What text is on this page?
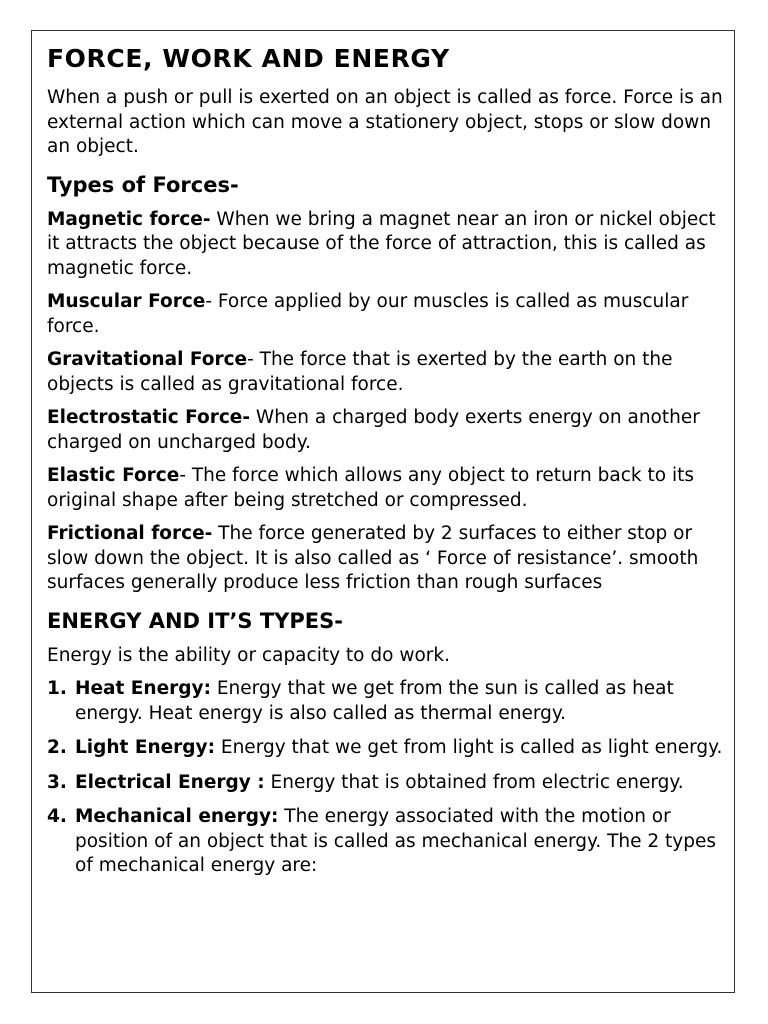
FORCE, WORK AND ENERGY

When a push or pull is exerted on an object is called as force. Force is an external action which can move a stationery object, stops or slow down an object.

Types of Forces-

Magnetic force- When we bring a magnet near an iron or nickel object it attracts the object because of the force of attraction, this is called as magnetic force.

Muscular Force- Force applied by our muscles is called as muscular force.

Gravitational Force- The force that is exerted by the earth on the objects is called as gravitational force.

Electrostatic Force- When a charged body exerts energy on another charged on uncharged body.

Elastic Force- The force which allows any object to return back to its original shape after being stretched or compressed.

Frictional force- The force generated by 2 surfaces to either stop or slow down the object. It is also called as ‘ Force of resistance’. smooth surfaces generally produce less friction than rough surfaces

ENERGY AND IT’S TYPES-

Energy is the ability or capacity to do work.

1. Heat Energy: Energy that we get from the sun is called as heat energy. Heat energy is also called as thermal energy.
2. Light Energy: Energy that we get from light is called as light energy.
3. Electrical Energy : Energy that is obtained from electric energy.
4. Mechanical energy: The energy associated with the motion or position of an object that is called as mechanical energy. The 2 types of mechanical energy are:
